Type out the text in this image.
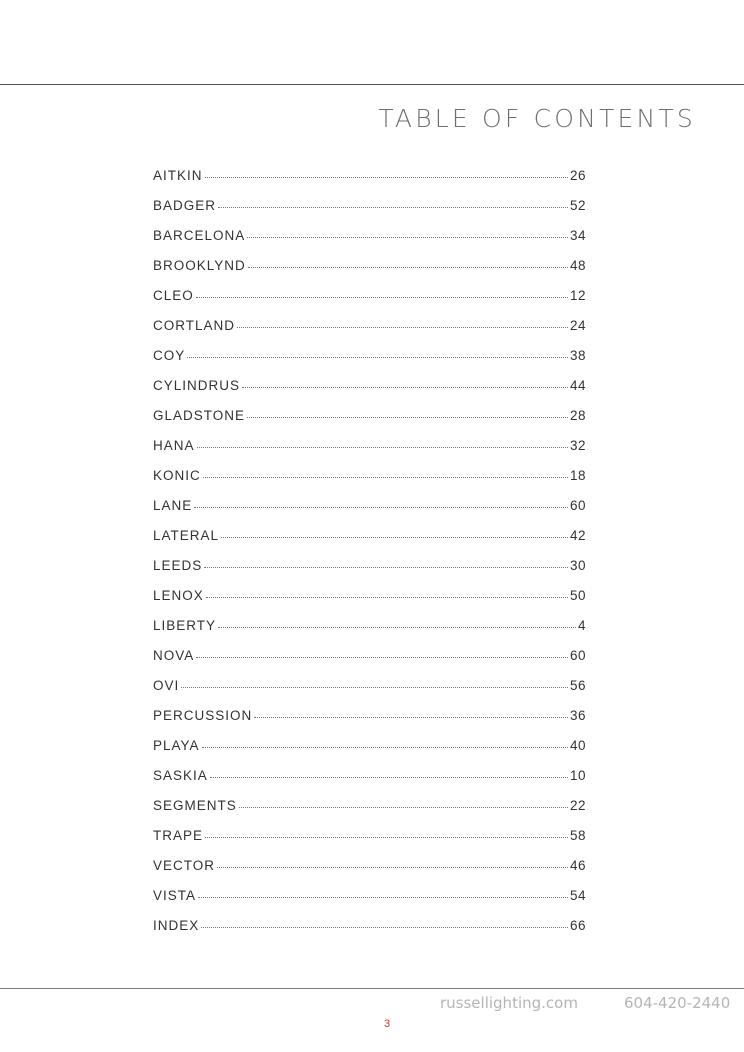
TABLE OF CONTENTS
AITKIN	26
BADGER	52
BARCELONA	34
BROOKLYND	48
CLEO	12
CORTLAND	24
COY	38
CYLINDRUS	44
GLADSTONE	28
HANA	32
KONIC	18
LANE	60
LATERAL	42
LEEDS	30
LENOX	50
LIBERTY	4
NOVA	60
OVI	56
PERCUSSION	36
PLAYA	40
SASKIA	10
SEGMENTS	22
TRAPE	58
VECTOR	46
VISTA	54
INDEX	66
russellighting.com	604-420-2440
3
